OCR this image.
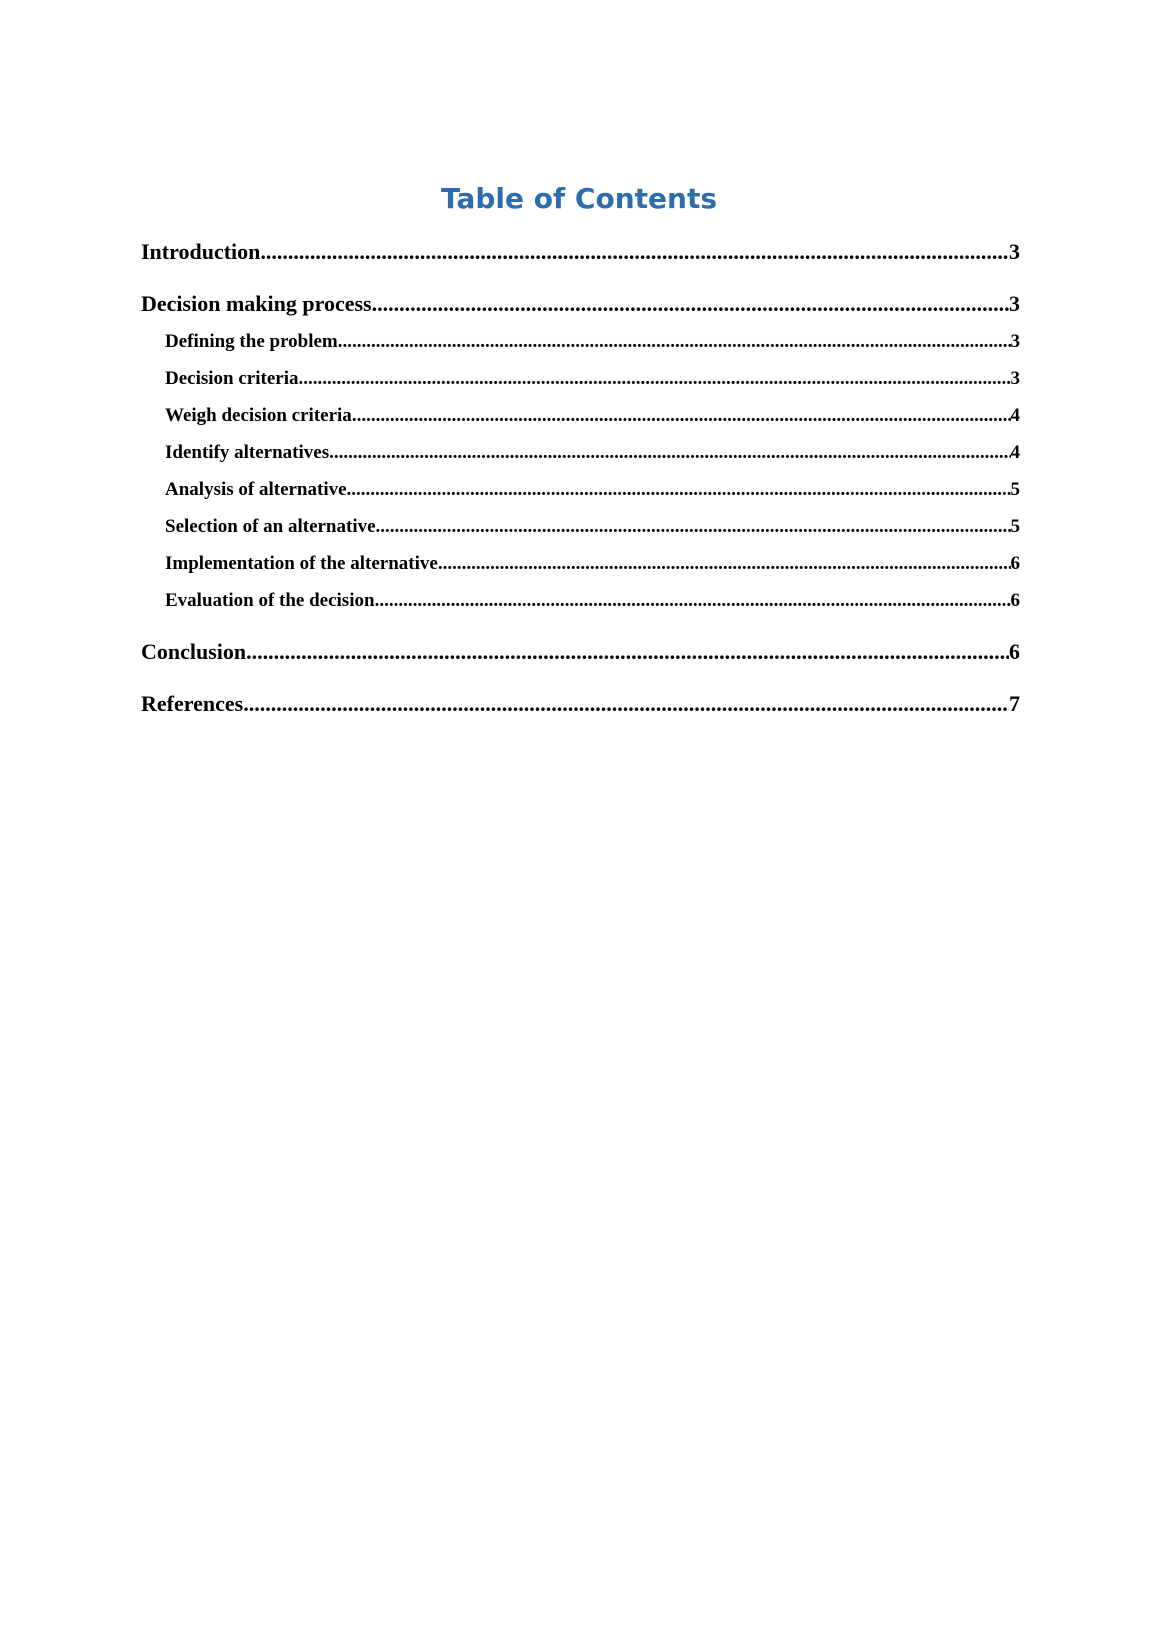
Table of Contents
Introduction .....	3
Decision making process .....	3
Defining the problem .....	3
Decision criteria .....	3
Weigh decision criteria .....	4
Identify alternatives .....	4
Analysis of alternative .....	5
Selection of an alternative .....	5
Implementation of the alternative .....	6
Evaluation of the decision .....	6
Conclusion .....	6
References .....	7
